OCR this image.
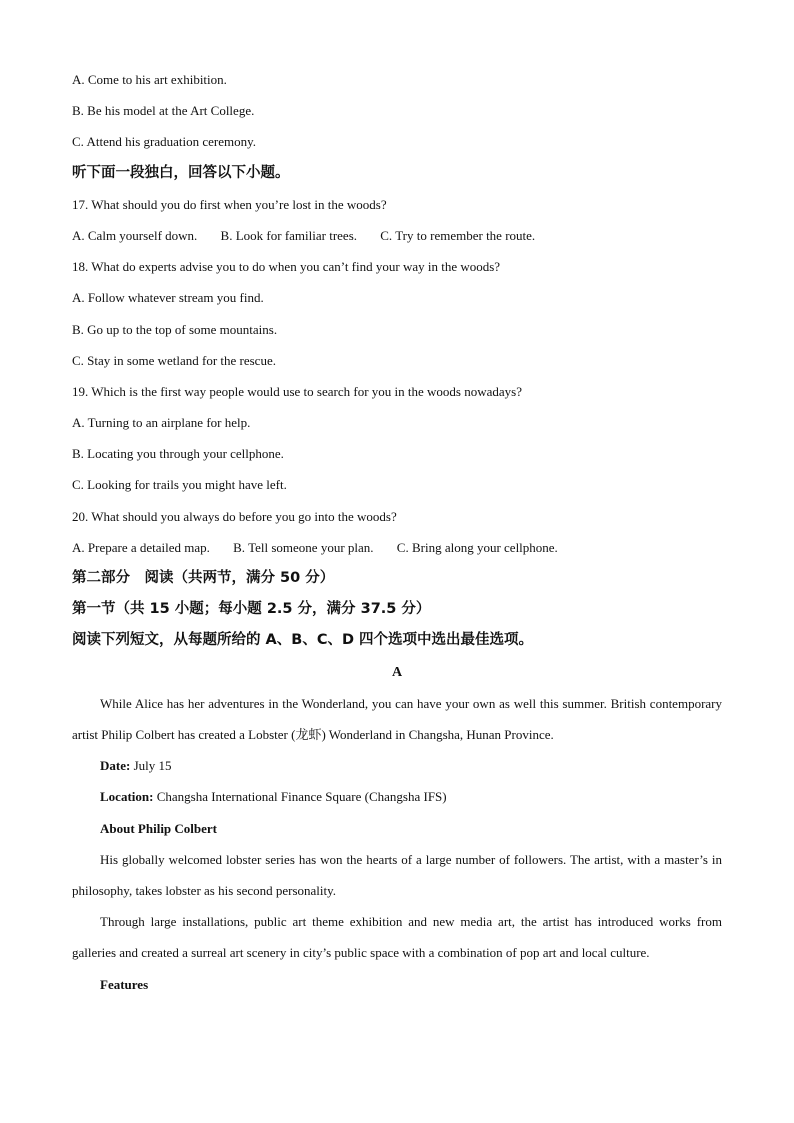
A. Come to his art exhibition.
B. Be his model at the Art College.
C. Attend his graduation ceremony.
听下面一段独白，回答以下小题。
17. What should you do first when you’re lost in the woods?
A. Calm yourself down. B. Look for familiar trees. C. Try to remember the route.
18. What do experts advise you to do when you can’t find your way in the woods?
A. Follow whatever stream you find.
B. Go up to the top of some mountains.
C. Stay in some wetland for the rescue.
19. Which is the first way people would use to search for you in the woods nowadays?
A. Turning to an airplane for help.
B. Locating you through your cellphone.
C. Looking for trails you might have left.
20. What should you always do before you go into the woods?
A. Prepare a detailed map. B. Tell someone your plan. C. Bring along your cellphone.
第二部分　阅读（共两节，满分 50 分）
第一节（共 15 小题；每小题 2.5 分，满分 37.5 分）
阅读下列短文，从每题所给的 A、B、C、D 四个选项中选出最佳选项。
A
While Alice has her adventures in the Wonderland, you can have your own as well this summer. British contemporary artist Philip Colbert has created a Lobster (龙虾) Wonderland in Changsha, Hunan Province.
Date: July 15
Location: Changsha International Finance Square (Changsha IFS)
About Philip Colbert
His globally welcomed lobster series has won the hearts of a large number of followers. The artist, with a master’s in philosophy, takes lobster as his second personality.
Through large installations, public art theme exhibition and new media art, the artist has introduced works from galleries and created a surreal art scenery in city’s public space with a combination of pop art and local culture.
Features
